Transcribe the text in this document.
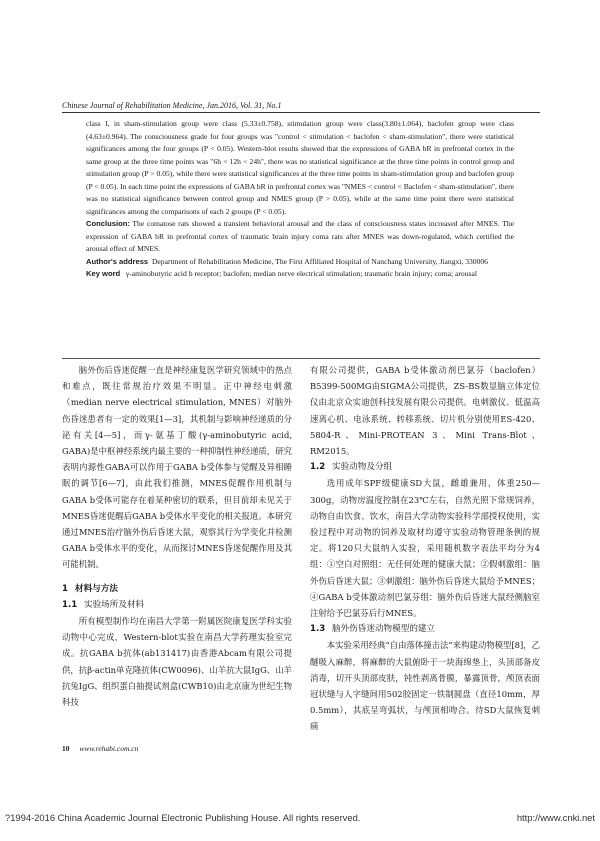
Chinese Journal of Rehabilitation Medicine, Jan.2016, Vol. 31, No.1

class I, in sham-stimulation group were class (5.33±0.758), stimulation group were class(3.80±1.064), baclofen group were class (4.63±0.964). The consciousness grade for four groups was "control < stimulation < baclofen < sham-stimulation", there were statistical significances among the four groups (P < 0.05). Western-blot results showed that the expressions of GABA bR in prefrontal cortex in the same group at the three time points was "6h < 12h < 24h", there was no statistical significance at the three time points in control group and stimulation group (P > 0.05), while there were statistical significances at the three time points in sham-stimulation group and baclofen group (P < 0.05). In each time point the expressions of GABA bR in prefrontal cortex was "NMES < control < Baclofen < sham-stimulation", there was no statistical significance between control group and NMES group (P > 0.05), while at the same time point there were statistical significances among the comparisons of each 2 groups (P < 0.05).

Conclusion: The comatose rats showed a transient behavioral arousal and the class of consciousness states increased after MNES. The expression of GABA bR in prefrontal cortex of traumatic brain injury coma rats after MNES was down-regulated, which certified the arousal effect of MNES.

Author's address Department of Rehabilitation Medicine, The First Affiliated Hospital of Nanchang University, Jiangxi, 330006

Key word γ-aminobutyric acid b receptor; baclofen; median nerve electrical stimulation; traumatic brain injury; coma; arousal

脑外伤后昏迷促醒一直是神经康复医学研究领域中的热点和难点，既往常规治疗效果不明显。正中神经电刺激（median nerve electrical stimulation, MNES）对脑外伤昏迷患者有一定的效果[1—3]，其机制与影响神经递质的分泌有关[4—5]，而γ-氨基丁酸(γ-aminobutyric acid, GABA)是中枢神经系统内最主要的一种抑制性神经递质，研究表明内源性GABA可以作用于GABA b受体参与觉醒及异相睡眠的调节[6—7]，由此我们推测，MNES促醒作用机制与GABA b受体可能存在着某种密切的联系，但目前却未见关于MNES昏迷促醒后GABA b受体水平变化的相关报道。本研究通过MNES治疗脑外伤后昏迷大鼠，观察其行为学变化并检测GABA b受体水平的变化，从而探讨MNES昏迷促醒作用及其可能机制。

1 材料与方法

1.1 实验场所及材料

所有模型制作均在南昌大学第一附属医院康复医学科实验动物中心完成，Western-blot实验在南昌大学药理实验室完成。抗GABA b抗体(ab131417)由香港Abcam有限公司提供，抗β-actin单克隆抗体(CW0096)、山羊抗大鼠IgG、山羊抗兔IgG、组织蛋白抽提试剂盒(CWB10)由北京康为世纪生物科技

有限公司提供，GABA b受体激动剂巴氯芬（baclofen）B5399-500MG由SIGMA公司提供，ZS-BS数显脑立体定位仪由北京众实迪创科技发展有限公司提供。电刺激仪、低温高速离心机、电泳系统、转移系统、切片机分别使用ES-420、5804-R、Mini-PROTEAN 3、Mini Trans-Blot、RM2015。

1.2 实验动物及分组

选用成年SPF级健康SD大鼠，雌雄兼用，体重250—300g，动物房温度控制在23℃左右，自然光照下常规饲养，动物自由饮食、饮水，南昌大学动物实验科学部授权使用，实验过程中对动物的饲养及取材均遵守实验动物管理条例的规定。将120只大鼠纳入实验，采用随机数字表法平均分为4组：①空白对照组：无任何处理的健康大鼠；②假刺激组：脑外伤后昏迷大鼠；③刺激组：脑外伤后昏迷大鼠给予MNES；④GABA b受体激动剂巴氯芬组：脑外伤后昏迷大鼠经侧脑室注射给予巴氯芬后行MNES。

1.3 脑外伤昏迷动物模型的建立

本实验采用经典“自由落体撞击法”来构建动物模型[8]，乙醚吸入麻醉，将麻醉的大鼠俯卧于一块海绵垫上，头顶部备皮消毒，切开头顶部皮肤，钝性剥离骨膜，暴露顶骨，颅顶表面冠状缝与人字缝间用502胶固定一铁制圆盘（直径10mm，厚0.5mm），其底呈弯弧状，与颅顶相吻合。待SD大鼠恢复刺痛

10 www.rehabi.com.cn
?1994-2016 China Academic Journal Electronic Publishing House. All rights reserved.	http://www.cnki.net
